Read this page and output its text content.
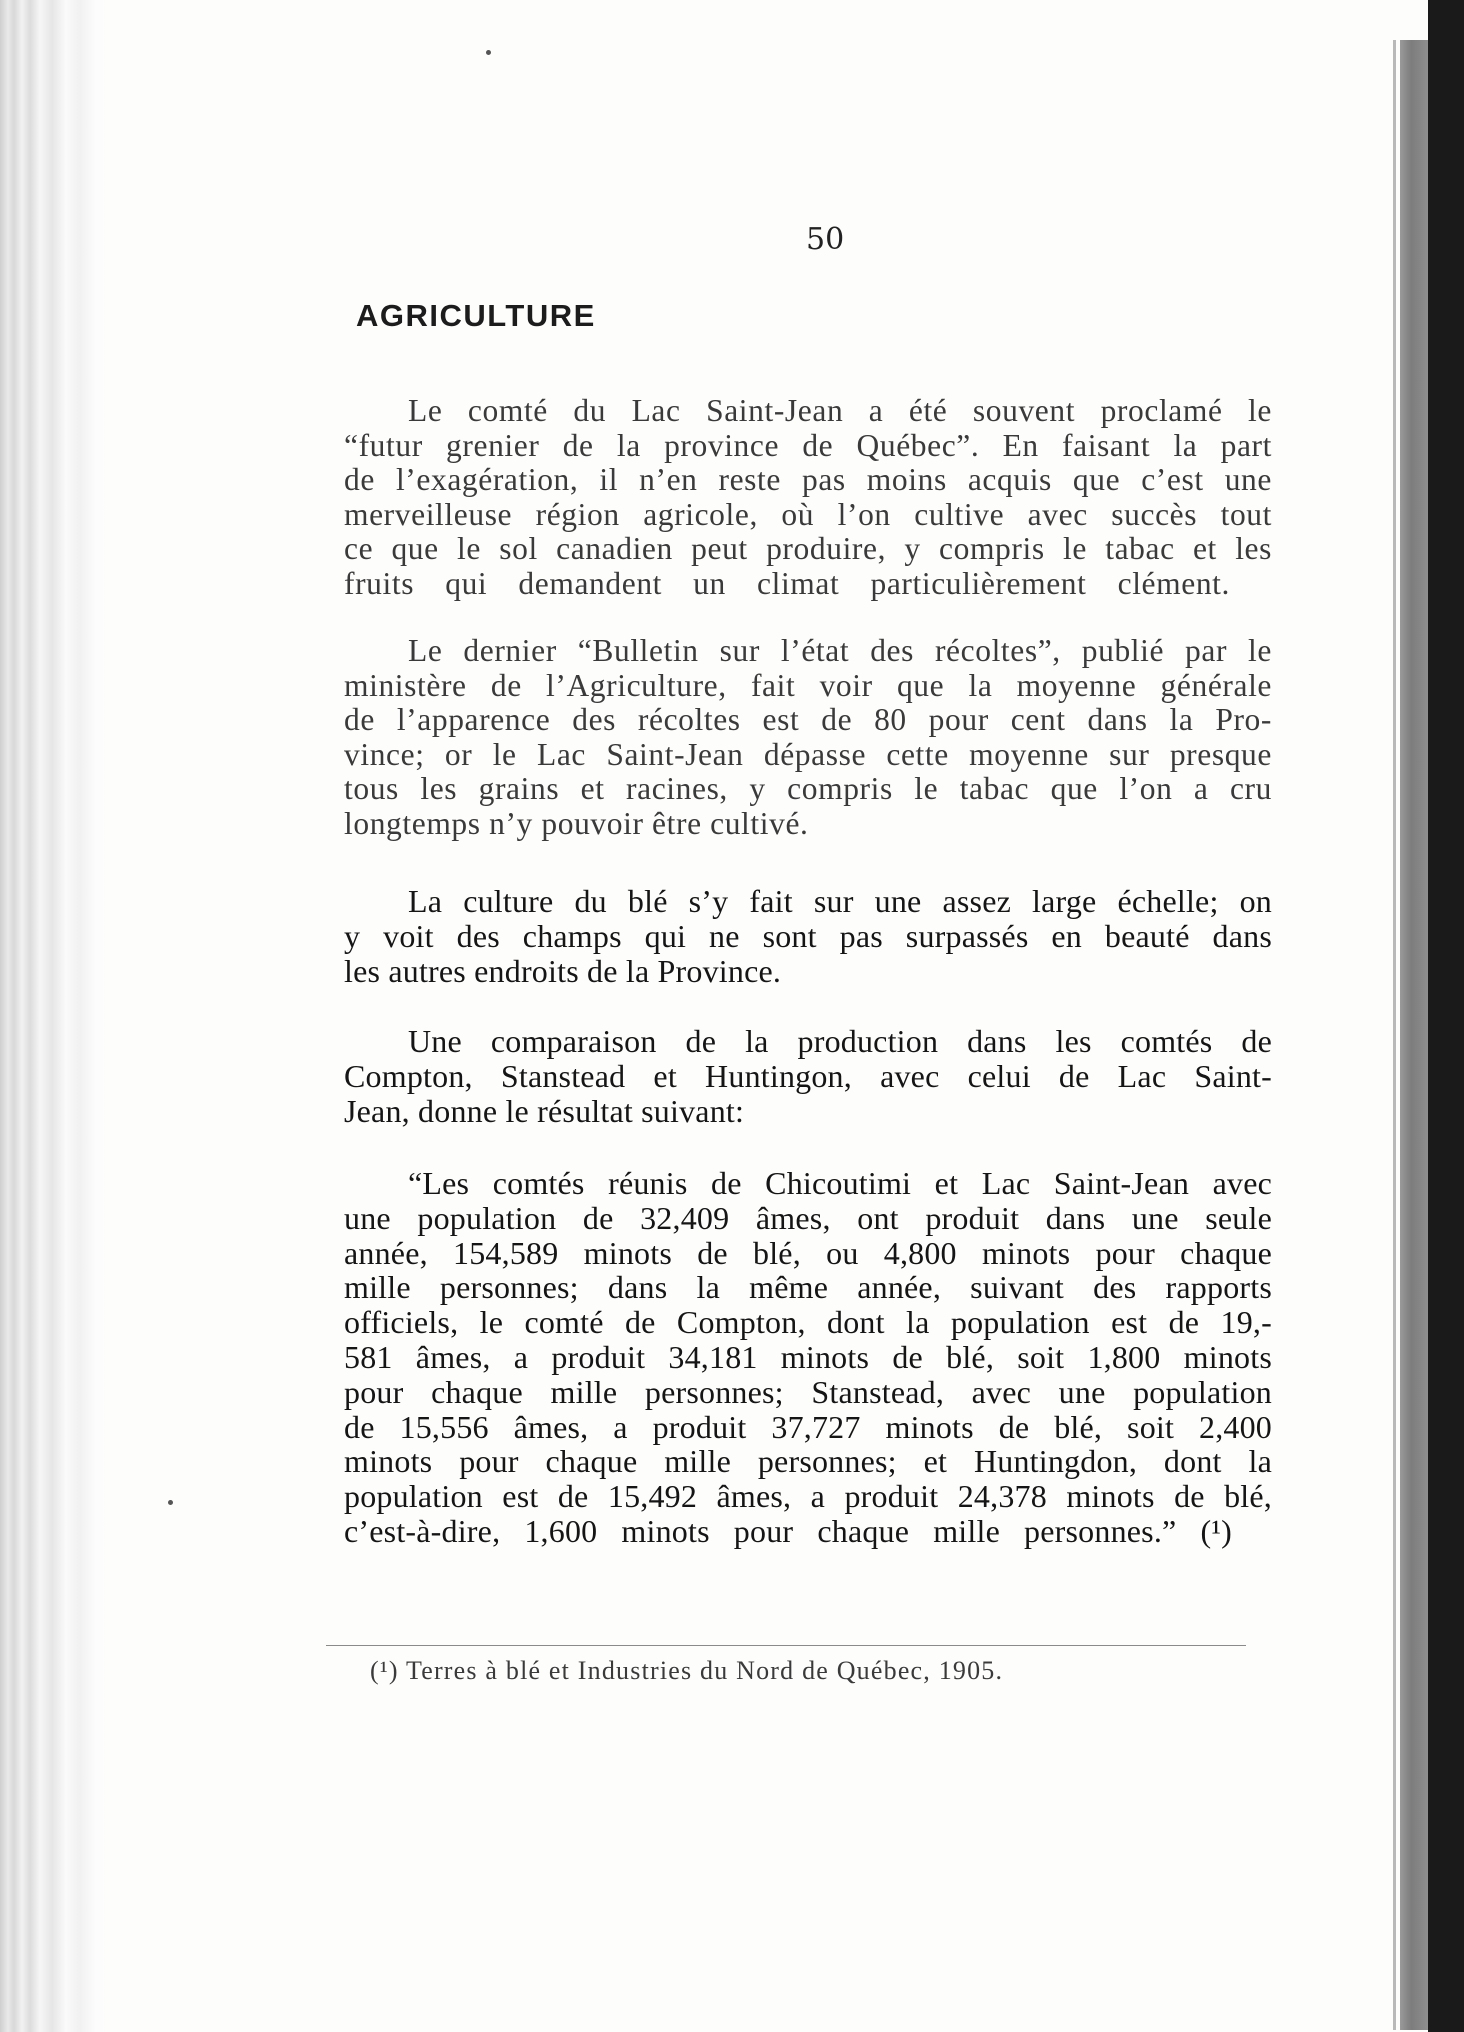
50
AGRICULTURE
Le comté du Lac Saint-Jean a été souvent proclamé le
“futur grenier de la province de Québec”. En faisant la part
de l’exagération, il n’en reste pas moins acquis que c’est une
merveilleuse région agricole, où l’on cultive avec succès tout
ce que le sol canadien peut produire, y compris le tabac et les
fruits qui demandent un climat particulièrement clément.
Le dernier “Bulletin sur l’état des récoltes”, publié par le
ministère de l’Agriculture, fait voir que la moyenne générale
de l’apparence des récoltes est de 80 pour cent dans la Pro-
vince; or le Lac Saint-Jean dépasse cette moyenne sur presque
tous les grains et racines, y compris le tabac que l’on a cru
longtemps n’y pouvoir être cultivé.
La culture du blé s’y fait sur une assez large échelle; on
y voit des champs qui ne sont pas surpassés en beauté dans
les autres endroits de la Province.
Une comparaison de la production dans les comtés de
Compton, Stanstead et Huntingon, avec celui de Lac Saint-
Jean, donne le résultat suivant:
“Les comtés réunis de Chicoutimi et Lac Saint-Jean avec
une population de 32,409 âmes, ont produit dans une seule
année, 154,589 minots de blé, ou 4,800 minots pour chaque
mille personnes; dans la même année, suivant des rapports
officiels, le comté de Compton, dont la population est de 19,-
581 âmes, a produit 34,181 minots de blé, soit 1,800 minots
pour chaque mille personnes; Stanstead, avec une population
de 15,556 âmes, a produit 37,727 minots de blé, soit 2,400
minots pour chaque mille personnes; et Huntingdon, dont la
population est de 15,492 âmes, a produit 24,378 minots de blé,
c’est-à-dire, 1,600 minots pour chaque mille personnes.” (¹)
(¹) Terres à blé et Industries du Nord de Québec, 1905.
